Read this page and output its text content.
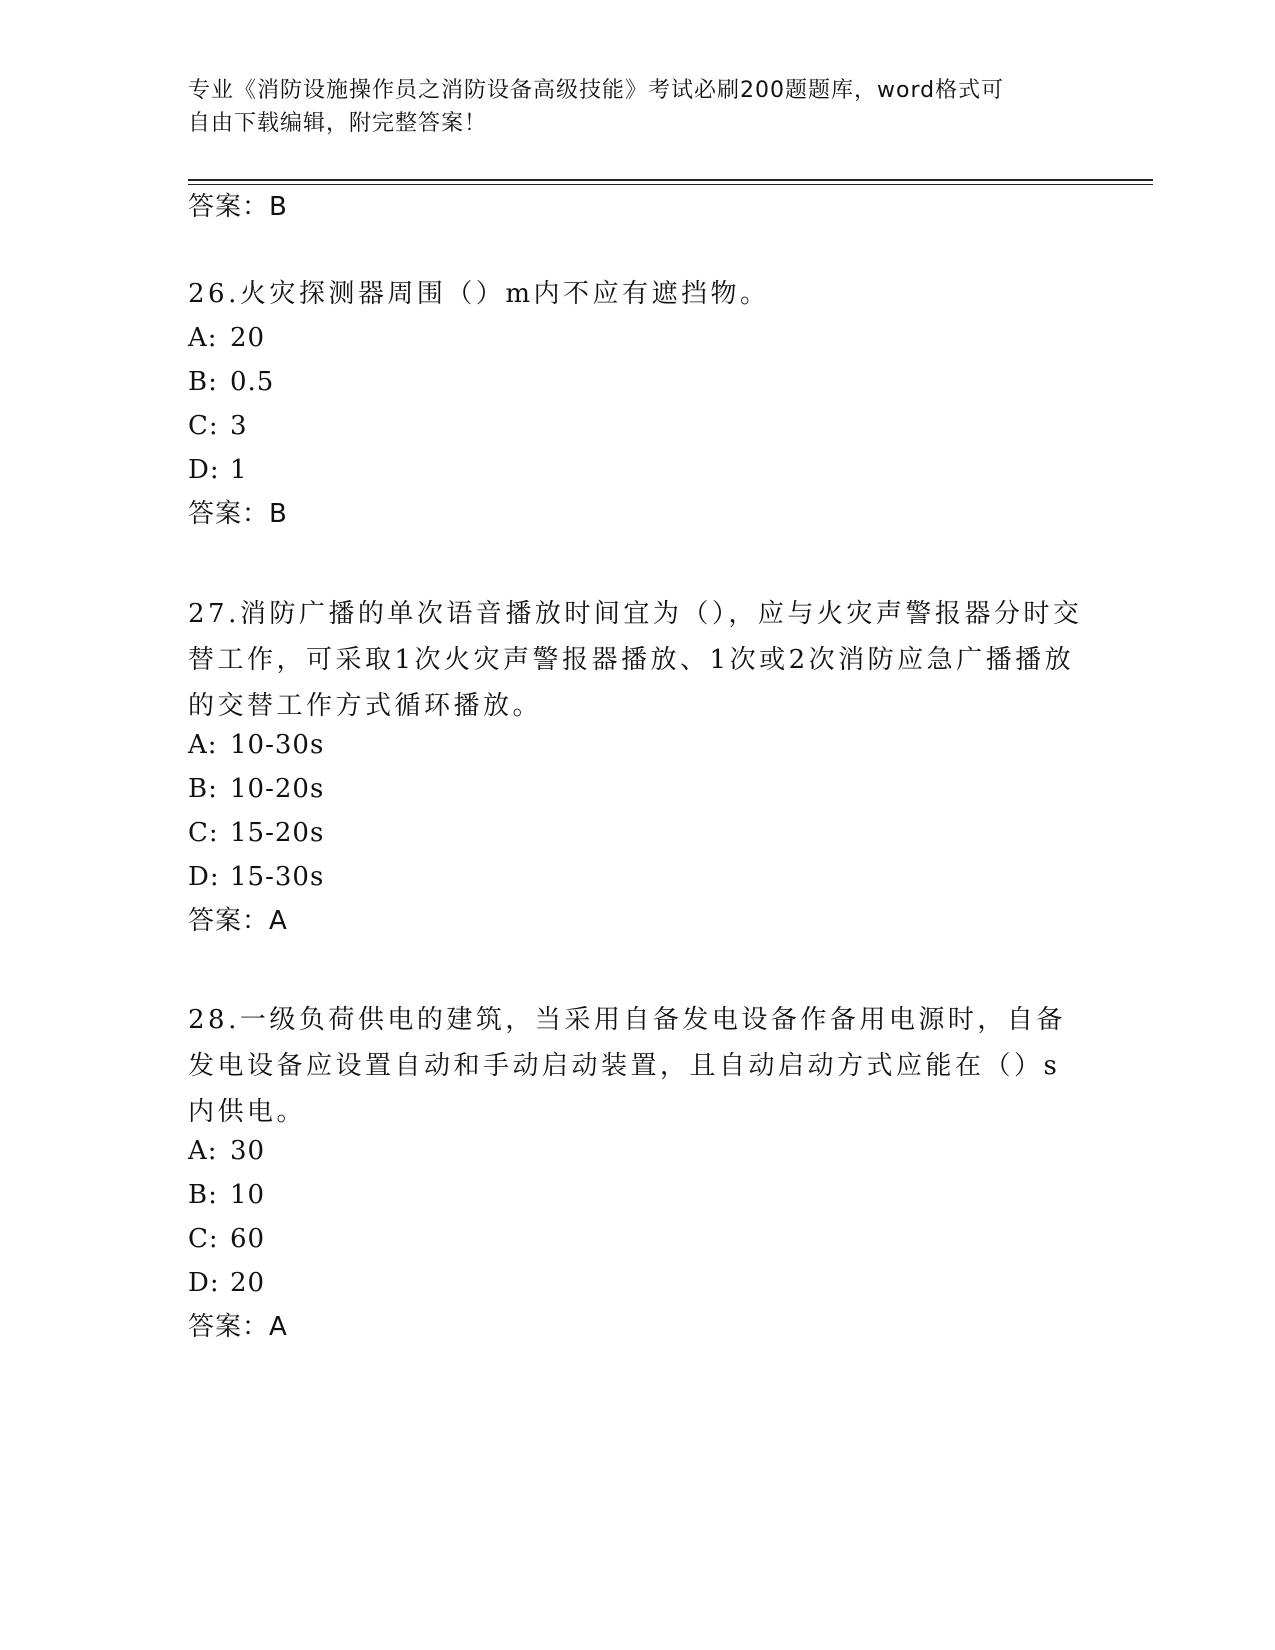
专业《消防设施操作员之消防设备高级技能》考试必刷200题题库，word格式可
自由下载编辑，附完整答案！
答案：B
26.火灾探测器周围（）m内不应有遮挡物。
A: 20
B: 0.5
C: 3
D: 1
答案：B
27.消防广播的单次语音播放时间宜为（），应与火灾声警报器分时交替工作，可采取1次火灾声警报器播放、1次或2次消防应急广播播放的交替工作方式循环播放。
A: 10-30s
B: 10-20s
C: 15-20s
D: 15-30s
答案：A
28.一级负荷供电的建筑，当采用自备发电设备作备用电源时，自备发电设备应设置自动和手动启动装置，且自动启动方式应能在（）s内供电。
A: 30
B: 10
C: 60
D: 20
答案：A
